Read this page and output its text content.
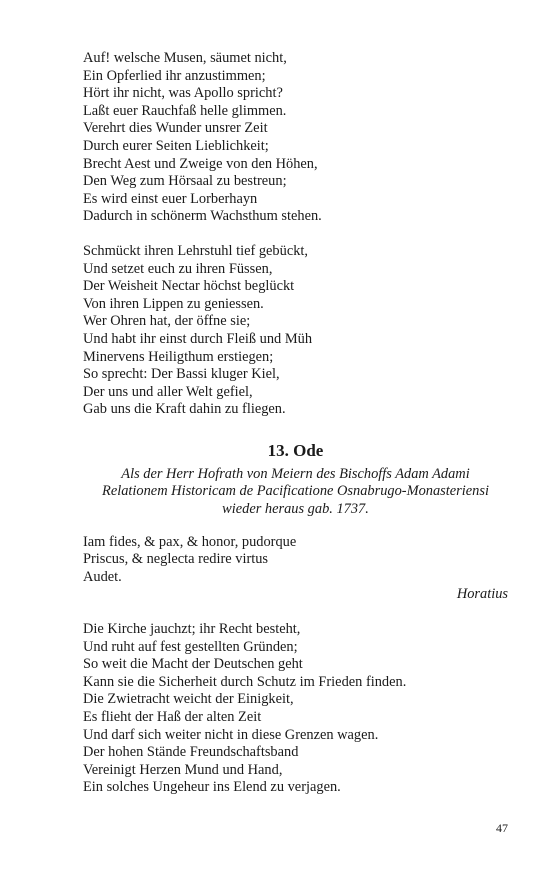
Auf! welsche Musen, säumet nicht,
Ein Opferlied ihr anzustimmen;
Hört ihr nicht, was Apollo spricht?
Laßt euer Rauchfaß helle glimmen.
Verehrt dies Wunder unsrer Zeit
Durch eurer Seiten Lieblichkeit;
Brecht Aest und Zweige von den Höhen,
Den Weg zum Hörsaal zu bestreun;
Es wird einst euer Lorberhayn
Dadurch in schönerm Wachsthum stehen.
Schmückt ihren Lehrstuhl tief gebückt,
Und setzet euch zu ihren Füssen,
Der Weisheit Nectar höchst beglückt
Von ihren Lippen zu geniessen.
Wer Ohren hat, der öffne sie;
Und habt ihr einst durch Fleiß und Müh
Minervens Heiligthum erstiegen;
So sprecht: Der Bassi kluger Kiel,
Der uns und aller Welt gefiel,
Gab uns die Kraft dahin zu fliegen.
13. Ode
Als der Herr Hofrath von Meiern des Bischoffs Adam Adami
Relationem Historicam de Pacificatione Osnabrugo-Monasteriensi
wieder heraus gab. 1737.
Iam fides, & pax, & honor, pudorque
Priscus, & neglecta redire virtus
Audet.
Horatius
Die Kirche jauchzt; ihr Recht besteht,
Und ruht auf fest gestellten Gründen;
So weit die Macht der Deutschen geht
Kann sie die Sicherheit durch Schutz im Frieden finden.
Die Zwietracht weicht der Einigkeit,
Es flieht der Haß der alten Zeit
Und darf sich weiter nicht in diese Grenzen wagen.
Der hohen Stände Freundschaftsband
Vereinigt Herzen Mund und Hand,
Ein solches Ungeheur ins Elend zu verjagen.
47
